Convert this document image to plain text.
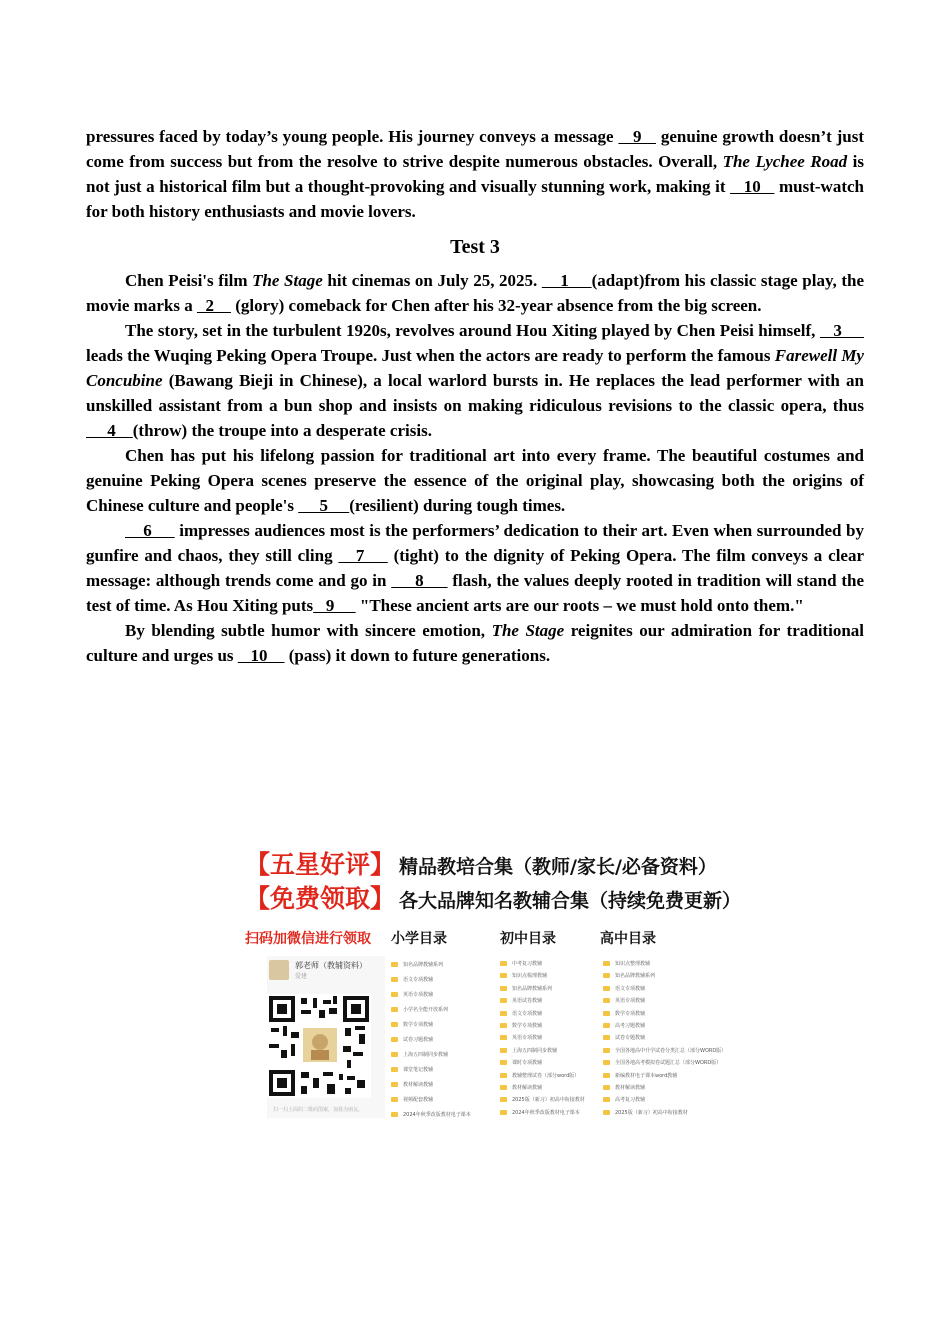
pressures faced by today’s young people. His journey conveys a message    9    genuine growth doesn’t just come from success but from the resolve to strive despite numerous obstacles. Overall, The Lychee Road is not just a historical film but a thought-provoking and visually stunning work, making it    10    must-watch for both history enthusiasts and movie lovers.

Test 3

Chen Peisi's film The Stage hit cinemas on July 25, 2025.     1     (adapt)from his classic stage play, the movie marks a   2     (glory) comeback for Chen after his 32-year absence from the big screen.

The story, set in the turbulent 1920s, revolves around Hou Xiting played by Chen Peisi himself,    3      leads the Wuqing Peking Opera Troupe. Just when the actors are ready to perform the famous Farewell My Concubine (Bawang Bieji in Chinese), a local warlord bursts in. He replaces the lead performer with an unskilled assistant from a bun shop and insists on making ridiculous revisions to the classic opera, thus      4    (throw) the troupe into a desperate crisis.

Chen has put his lifelong passion for traditional art into every frame. The beautiful costumes and genuine Peking Opera scenes preserve the essence of the original play, showcasing both the origins of Chinese culture and people's      5     (resilient) during tough times.

6      impresses audiences most is the performers’ dedication to their art. Even when surrounded by gunfire and chaos, they still cling    7     (tight) to the dignity of Peking Opera. The film conveys a clear message: although trends come and go in      8      flash, the values deeply rooted in tradition will stand the test of time. As Hou Xiting puts   9      "These ancient arts are our roots – we must hold onto them."

By blending subtle humor with sincere emotion, The Stage reignites our admiration for traditional culture and urges us    10     (pass) it down to future generations.

【五星好评】 精品教培合集（教师/家长/必备资料）
【免费领取】 各大品牌知名教辅合集（持续免费更新）
扫码加微信进行领取 小学目录	初中目录	高中目录
郭老师（教辅资料）
爱建
扫一扫上面的二维码图案，加我为朋友。
知名品牌教辅系列
语文专项教辅
英语专项教辅
小学名全能开放系列
数学专项教辅
试卷习题教辅
上海五四制同步教辅
课堂笔记教辅
教材解读教辅
视频配套教辅
2024年秋季改版教材电子课本
中考复习教辅
知识点梳理教辅
知名品牌教辅系列
英语试卷教辅
语文专项教辅
数学专项教辅
英语专项教辅
上海五四制同步教辅
课时专项教辅
教辅整理试卷（部分word版）
教材解读教辅
2025版（新习）初高中衔接教材
2024年秋季改版教材电子课本
知识点整理教辅
知名品牌教辅系列
语文专项教辅
英语专项教辅
数学专项教辅
高考习题教辅
试卷专题教辅
全国各地高中升学试卷分类汇总（部分WORD版）
全国各地高考模拟卷试题汇总（部分WORD版）
新编教材电子课本word教辅
教材解读教辅
高考复习教辅
2025版（新习）初高中衔接教材
